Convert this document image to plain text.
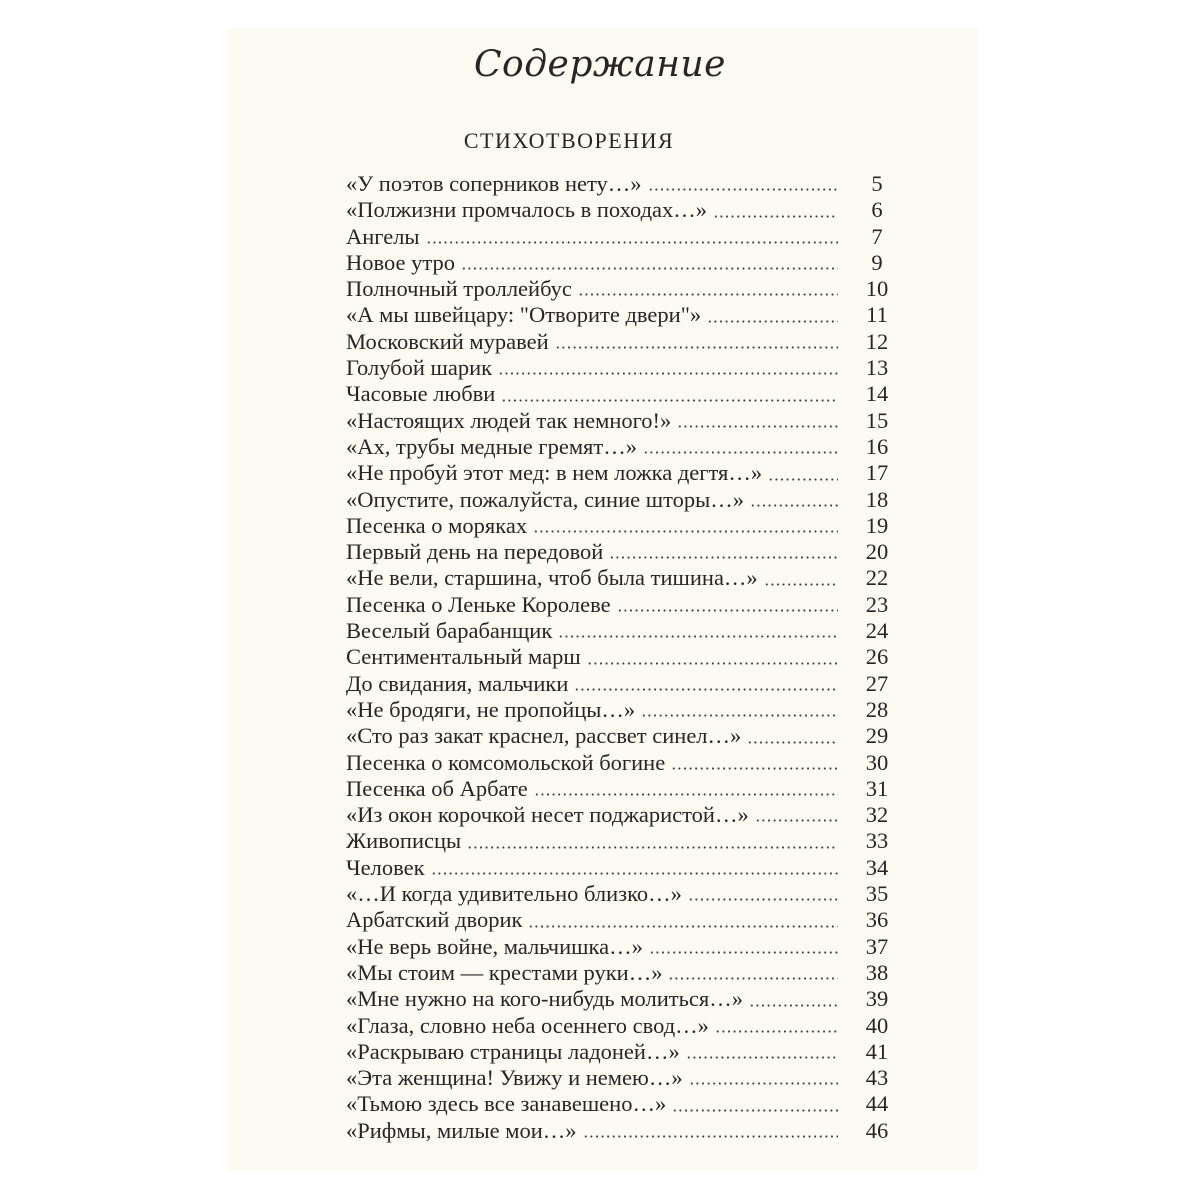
Содержание
СТИХОТВОРЕНИЯ
«У поэтов соперников нету…»	5
«Полжизни промчалось в походах…»	6
Ангелы	7
Новое утро	9
Полночный троллейбус	10
«А мы швейцару: "Отворите двери"»	11
Московский муравей	12
Голубой шарик	13
Часовые любви	14
«Настоящих людей так немного!»	15
«Ах, трубы медные гремят…»	16
«Не пробуй этот мед: в нем ложка дегтя…»	17
«Опустите, пожалуйста, синие шторы…»	18
Песенка о моряках	19
Первый день на передовой	20
«Не вели, старшина, чтоб была тишина…»	22
Песенка о Леньке Королеве	23
Веселый барабанщик	24
Сентиментальный марш	26
До свидания, мальчики	27
«Не бродяги, не пропойцы…»	28
«Сто раз закат краснел, рассвет синел…»	29
Песенка о комсомольской богине	30
Песенка об Арбате	31
«Из окон корочкой несет поджаристой…»	32
Живописцы	33
Человек	34
«…И когда удивительно близко…»	35
Арбатский дворик	36
«Не верь войне, мальчишка…»	37
«Мы стоим — крестами руки…»	38
«Мне нужно на кого-нибудь молиться…»	39
«Глаза, словно неба осеннего свод…»	40
«Раскрываю страницы ладоней…»	41
«Эта женщина! Увижу и немею…»	43
«Тьмою здесь все занавешено…»	44
«Рифмы, милые мои…»	46
